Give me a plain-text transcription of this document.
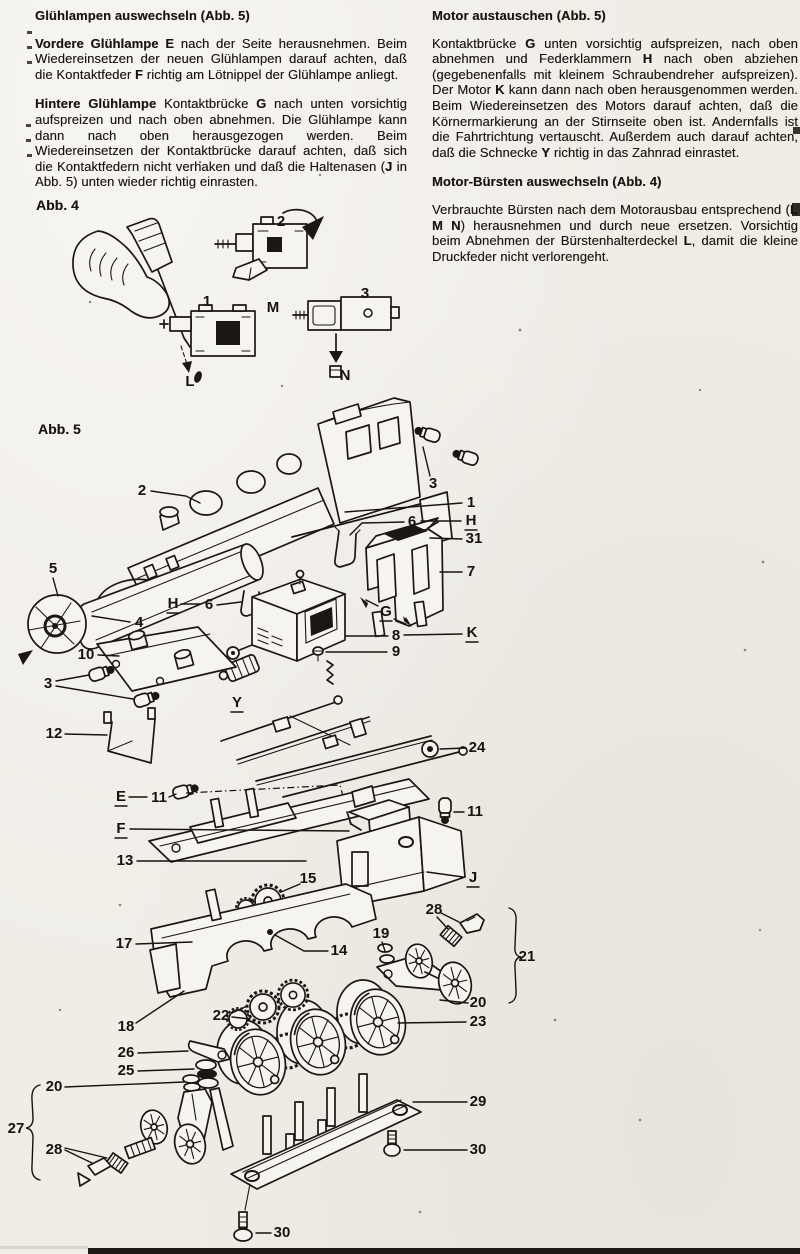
1
L
2
M
3
N
2	3
1
6	H
31
7
G
8	K
9
5
4
H 6
10
3
Y
12
24
E 11
F
13
11
J
15
17	14
19
28
21
20
18
22	23
26
25
29
30
20
27
28
30
Glühlampen auswechseln (Abb. 5)
Vordere Glühlampe E nach der Seite herausnehmen. Beim Wiedereinsetzen der neuen Glühlampen darauf achten, daß die Kontaktfeder F richtig am Lötnippel der Glühlampe anliegt.
Hintere Glühlampe Kontaktbrücke G nach unten vorsichtig aufspreizen und nach oben abnehmen. Die Glühlampe kann dann nach oben herausgezogen werden. Beim Wiedereinsetzen der Kontaktbrücke darauf achten, daß sich die Kontaktfedern nicht verhaken und daß die Haltenasen (J in Abb. 5) unten wieder richtig einrasten.
Motor austauschen (Abb. 5)
Kontaktbrücke G unten vorsichtig aufspreizen, nach oben abnehmen und Federklammern H nach oben abziehen (gegebenenfalls mit kleinem Schraubendreher aufspreizen). Der Motor K kann dann nach oben herausgenommen werden. Beim Wiedereinsetzen des Motors darauf achten, daß die Körnermarkierung an der Stirnseite oben ist. Andernfalls ist die Fahrtrichtung vertauscht. Außerdem auch darauf achten, daß die Schnecke Y richtig in das Zahnrad einrastet.
Motor-Bürsten auswechseln (Abb. 4)
Verbrauchte Bürsten nach dem Motorausbau entsprechend (L M N) herausnehmen und durch neue ersetzen. Vorsichtig beim Abnehmen der Bürstenhalterdeckel L, damit die kleine Druckfeder nicht verlorengeht.
Abb. 4
Abb. 5
